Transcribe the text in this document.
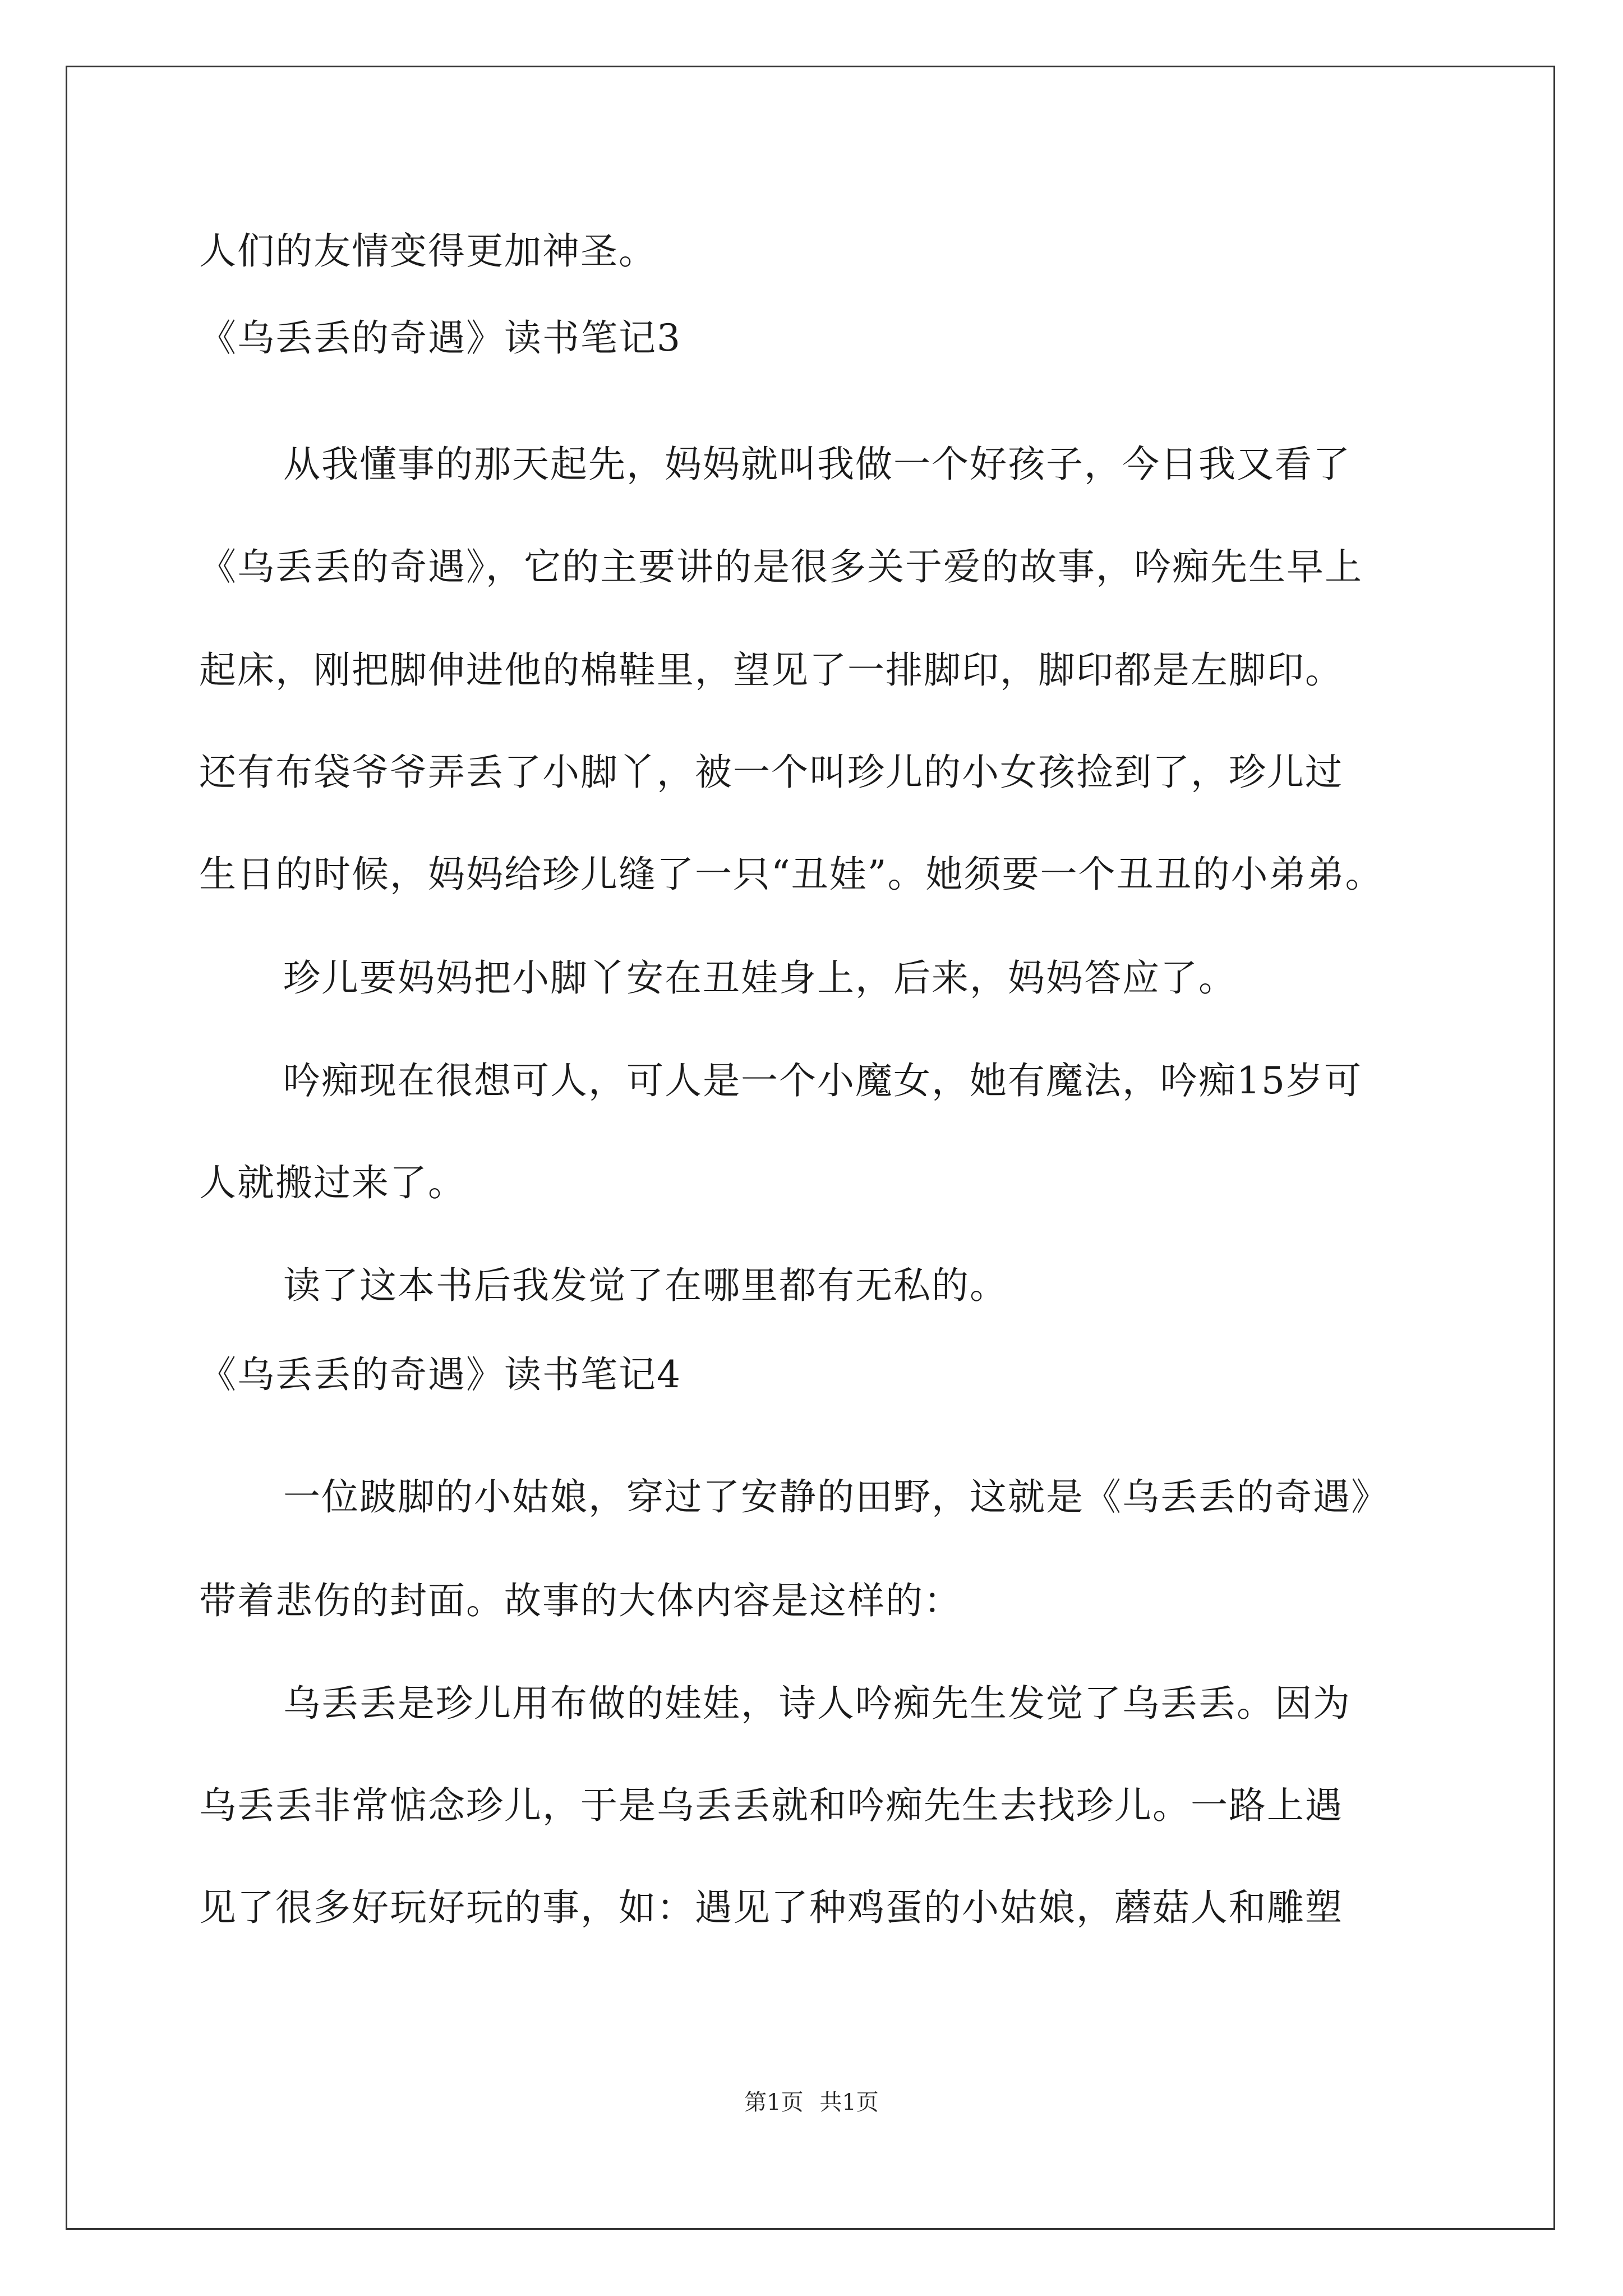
人们的友情变得更加神圣。
《乌丢丢的奇遇》读书笔记3
从我懂事的那天起先，妈妈就叫我做一个好孩子，今日我又看了
《乌丢丢的奇遇》，它的主要讲的是很多关于爱的故事，吟痴先生早上
起床，刚把脚伸进他的棉鞋里，望见了一排脚印，脚印都是左脚印。
还有布袋爷爷弄丢了小脚丫，被一个叫珍儿的小女孩捡到了，珍儿过
生日的时候，妈妈给珍儿缝了一只“丑娃”。她须要一个丑丑的小弟弟。
珍儿要妈妈把小脚丫安在丑娃身上，后来，妈妈答应了。
吟痴现在很想可人，可人是一个小魔女，她有魔法，吟痴15岁可
人就搬过来了。
读了这本书后我发觉了在哪里都有无私的。
《乌丢丢的奇遇》读书笔记4
一位跛脚的小姑娘，穿过了安静的田野，这就是《乌丢丢的奇遇》
带着悲伤的封面。故事的大体内容是这样的：
乌丢丢是珍儿用布做的娃娃，诗人吟痴先生发觉了乌丢丢。因为
乌丢丢非常惦念珍儿，于是乌丢丢就和吟痴先生去找珍儿。一路上遇
见了很多好玩好玩的事，如：遇见了种鸡蛋的小姑娘，蘑菇人和雕塑
第1页 共1页
